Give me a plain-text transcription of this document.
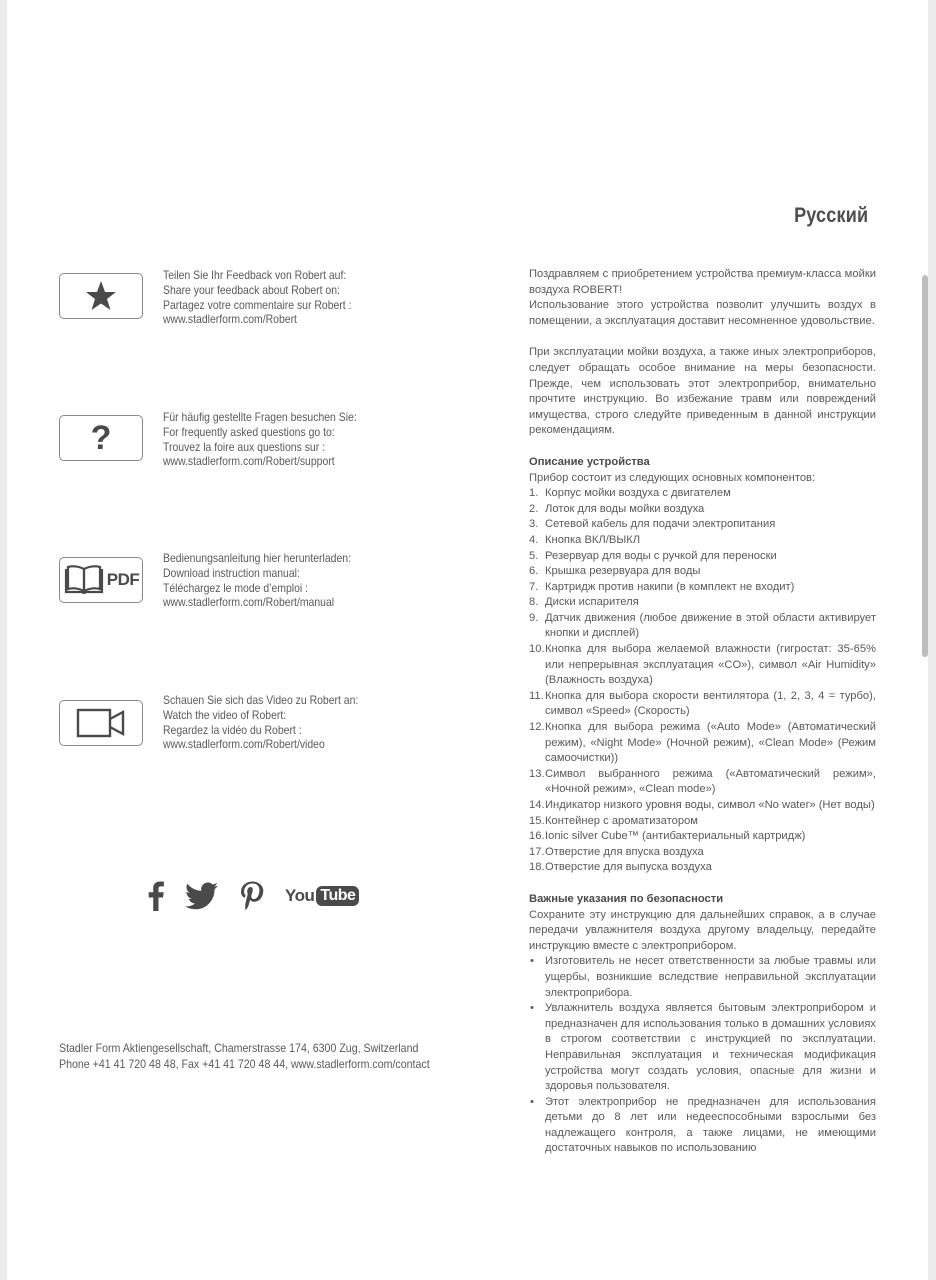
Русский
Teilen Sie Ihr Feedback von Robert auf:
Share your feedback about Robert on:
Partagez votre commentaire sur Robert :
www.stadlerform.com/Robert
?
Für häufig gestellte Fragen besuchen Sie:
For frequently asked questions go to:
Trouvez la foire aux questions sur :
www.stadlerform.com/Robert/support
PDF
Bedienungsanleitung hier herunterladen:
Download instruction manual:
Téléchargez le mode d’emploi :
www.stadlerform.com/Robert/manual
Schauen Sie sich das Video zu Robert an:
Watch the video of Robert:
Regardez la vidéo du Robert :
www.stadlerform.com/Robert/video
You Tube
Stadler Form Aktiengesellschaft, Chamerstrasse 174, 6300 Zug, Switzerland
Phone +41 41 720 48 48, Fax +41 41 720 48 44, www.stadlerform.com/contact

Поздравляем с приобретением устройства премиум-класса мойки воздуха ROBERT!

Использование этого устройства позволит улучшить воздух в помещении, а эксплуатация доставит несомненное удовольствие.

При эксплуатации мойки воздуха, а также иных электроприборов, следует обращать особое внимание на меры безопасности. Прежде, чем использовать этот электроприбор, внимательно прочтите инструкцию. Во избежание травм или повреждений имущества, строго следуйте приведенным в данной инструкции рекомендациям.

Описание устройства

Прибор состоит из следующих основных компонентов:

1. Корпус мойки воздуха с двигателем
2. Лоток для воды мойки воздуха
3. Сетевой кабель для подачи электропитания
4. Кнопка ВКЛ/ВЫКЛ
5. Резервуар для воды с ручкой для переноски
6. Крышка резервуара для воды
7. Картридж против накипи (в комплект не входит)
8. Диски испарителя
9. Датчик движения (любое движение в этой области активирует кнопки и дисплей)
10. Кнопка для выбора желаемой влажности (гигростат: 35-65% или непрерывная эксплуатация «CO»), символ «Air Humidity» (Влажность воздуха)
11. Кнопка для выбора скорости вентилятора (1, 2, 3, 4 = турбо), символ «Speed» (Скорость)
12. Кнопка для выбора режима («Auto Mode» (Автоматический режим), «Night Mode» (Ночной режим), «Clean Mode» (Режим самоочистки))
13. Символ выбранного режима («Автоматический режим», «Ночной режим», «Clean mode»)
14. Индикатор низкого уровня воды, символ «No water» (Нет воды)
15. Контейнер с ароматизатором
16. Ionic silver Cube™ (антибактериальный картридж)
17. Отверстие для впуска воздуха
18. Отверстие для выпуска воздуха
Важные указания по безопасности

Сохраните эту инструкцию для дальнейших справок, а в случае передачи увлажнителя воздуха другому владельцу, передайте инструкцию вместе с электроприбором.

• Изготовитель не несет ответственности за любые травмы или ущербы, возникшие вследствие неправильной эксплуатации электроприбора.
• Увлажнитель воздуха является бытовым электроприбором и предназначен для использования только в домашних условиях в строгом соответствии с инструкцией по эксплуатации. Неправильная эксплуатация и техническая модификация устройства могут создать условия, опасные для жизни и здоровья пользователя.
• Этот электроприбор не предназначен для использования детьми до 8 лет или недееспособными взрослыми без надлежащего контроля, а также лицами, не имеющими достаточных навыков по использованию
